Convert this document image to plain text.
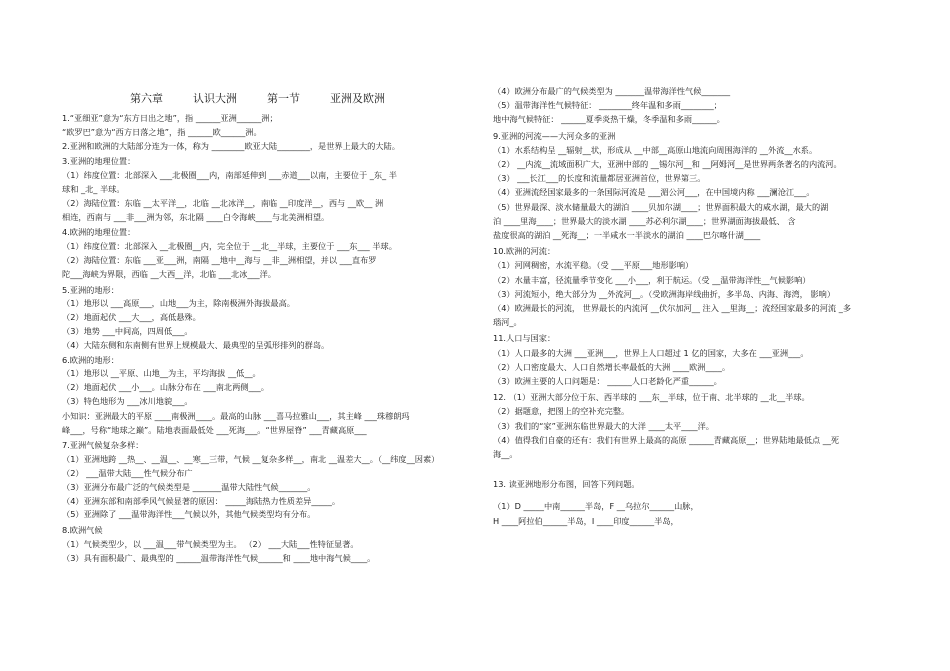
第六章    认识大洲    第一节    亚洲及欧洲
1.“亚细亚”意为“东方日出之地”，指 ______亚洲______洲；
“欧罗巴”意为“西方日落之地”，指 ______欧______洲。
2.亚洲和欧洲的大陆部分连为一体，称为 ________欧亚大陆________，是世界上最大的大陆。
3.亚洲的地理位置：
（1）纬度位置：北部深入 ___北极圈___内，南部延伸到 ___赤道___以南，主要位于 _东_ 半
球和 _北_ 半球。
（2）海陆位置：东临 __太平洋__，北临 __北冰洋__，南临 __印度洋__，西与 __欧__ 洲
相连，西南与 ___非___洲为邻，东北隔 ____白令海峡____与北美洲相望。
4.欧洲的地理位置：
（1）纬度位置：北部深入 __北极圈__内，完全位于 __北__半球，主要位于 ___东___ 半球。
（2）海陆位置：东临 ___亚___洲，南隔 __地中__海与 __非__洲相望，并以 ___直布罗
陀___海峡为界限，西临 __大西__洋，北临 ___北冰___洋。
5.亚洲的地形：
（1）地形以 ___高原___，山地___为主，除南极洲外海拔最高。
（2）地面起伏 ___大___，高低悬殊。
（3）地势 ___中间高，四周低___。
（4）大陆东侧和东南侧有世界上规模最大、最典型的呈弧形排列的群岛。
6.欧洲的地形：
（1）地形以 __平原、山地__为主，平均海拔 __低__。
（2）地面起伏 ___小___。山脉分布在 ___南北两侧___。
（3）特色地形为 ___冰川地貌___。
小知识：亚洲最大的平原 ____南极洲____。最高的山脉 ___喜马拉雅山___，其主峰 ___珠穆朗玛
峰___，号称“地球之巅”。陆地表面最低处 ___死海___。“世界屋脊” ___青藏高原___
7.亚洲气候复杂多样：
（1）亚洲地跨 __热__、__温__、__寒__三带，气候 __复杂多样__，南北 __温差大__。（__纬度__因素）
（2） ___温带大陆___性气候分布广
（3）亚洲分布最广泛的气候类型是 _______温带大陆性气候_______。
（4）亚洲东部和南部季风气候显著的原因： _____海陆热力性质差异_____。
（5）亚洲除了 ___温带海洋性___气候以外，其他气候类型均有分布。
8.欧洲气候
（1）气候类型少，以 ___温___带气候类型为主。 （2） ___大陆___性特征显著。
（3）具有面积最广、最典型的 ______温带海洋性气候______和 ____地中海气候____。
（4）欧洲分布最广的气候类型为 _______温带海洋性气候_______
（5）温带海洋性气候特征： ________终年温和多雨________；
地中海气候特征： ______夏季炎热干燥，冬季温和多雨______。
9.亚洲的河流——大河众多的亚洲
（1）水系结构呈 __辐射__状，形成从 __中部__高原山地流向周围海洋的 __外流__水系。
（2） __内流__流域面积广大，亚洲中部的 __锡尔河__和 __阿姆河__是世界两条著名的内流河。
（3） ___长江___的长度和流量都居亚洲首位，世界第三。
（4）亚洲流经国家最多的一条国际河流是 ___湄公河___，在中国境内称 ___澜沧江___。
（5）世界最深、淡水储量最大的湖泊 ____贝加尔湖____；世界面积最大的咸水湖，最大的湖
泊 ____里海____；世界最大的淡水湖 ____苏必利尔湖____；世界湖面海拔最低、 含
盐度很高的湖泊 __死海__；一半咸水一半淡水的湖泊 ____巴尔喀什湖____
10.欧洲的河流：
（1）河网稠密，水流平稳。（受 ___平原___地形影响）
（2）水量丰富，径流量季节变化 ___小___，利于航运。（受 __温带海洋性__气候影响）
（3）河流短小，绝大部分为 __外流河__。（受欧洲海岸线曲折，多半岛、内海、海湾， 影响）
（4）欧洲最长的河流， 世界最长的内流河 __伏尔加河__ 注入 __里海__；流经国家最多的河流 _多
瑙河_。
11.人口与国家：
（1）人口最多的大洲 ___亚洲___，世界上人口超过 1 亿的国家，大多在 ___亚洲___。
（2）人口密度最大、人口自然增长率最低的大洲 ____欧洲____。
（3）欧洲主要的人口问题是： ______人口老龄化严重______。
12. （1）亚洲大部分位于东、西半球的 ___东__半球，位于南、北半球的 __北__半球。
（2）据题意，把图上的空补充完整。
（3）我们的“家”亚洲东临世界最大的大洋 ____太平____洋。
（4）值得我们自豪的还有：我们有世界上最高的高原 ______青藏高原__；世界陆地最低点 __死
海__。
13. 读亚洲地形分布图，回答下列问题。
（1）D _____中南______半岛，F __乌拉尔______山脉，
H ____阿拉伯______半岛，I ____印度______半岛，
